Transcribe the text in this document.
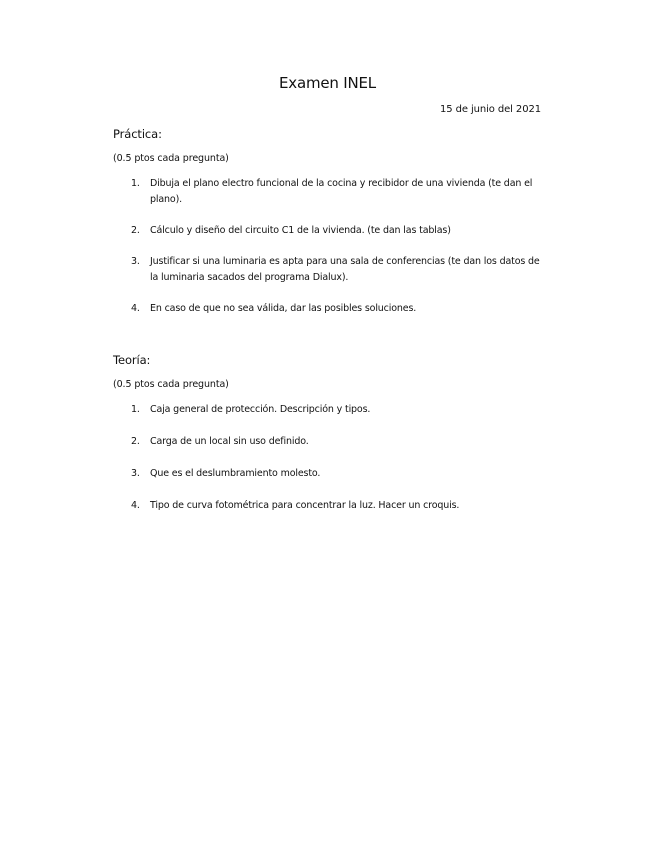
Examen INEL
15 de junio del 2021
Práctica:
(0.5 ptos cada pregunta)
1. Dibuja el plano electro funcional de la cocina y recibidor de una vivienda (te dan el plano).
2. Cálculo y diseño del circuito C1 de la vivienda. (te dan las tablas)
3. Justificar si una luminaria es apta para una sala de conferencias (te dan los datos de la luminaria sacados del programa Dialux).
4. En caso de que no sea válida, dar las posibles soluciones.
Teoría:
(0.5 ptos cada pregunta)
1. Caja general de protección. Descripción y tipos.
2. Carga de un local sin uso definido.
3. Que es el deslumbramiento molesto.
4. Tipo de curva fotométrica para concentrar la luz. Hacer un croquis.
